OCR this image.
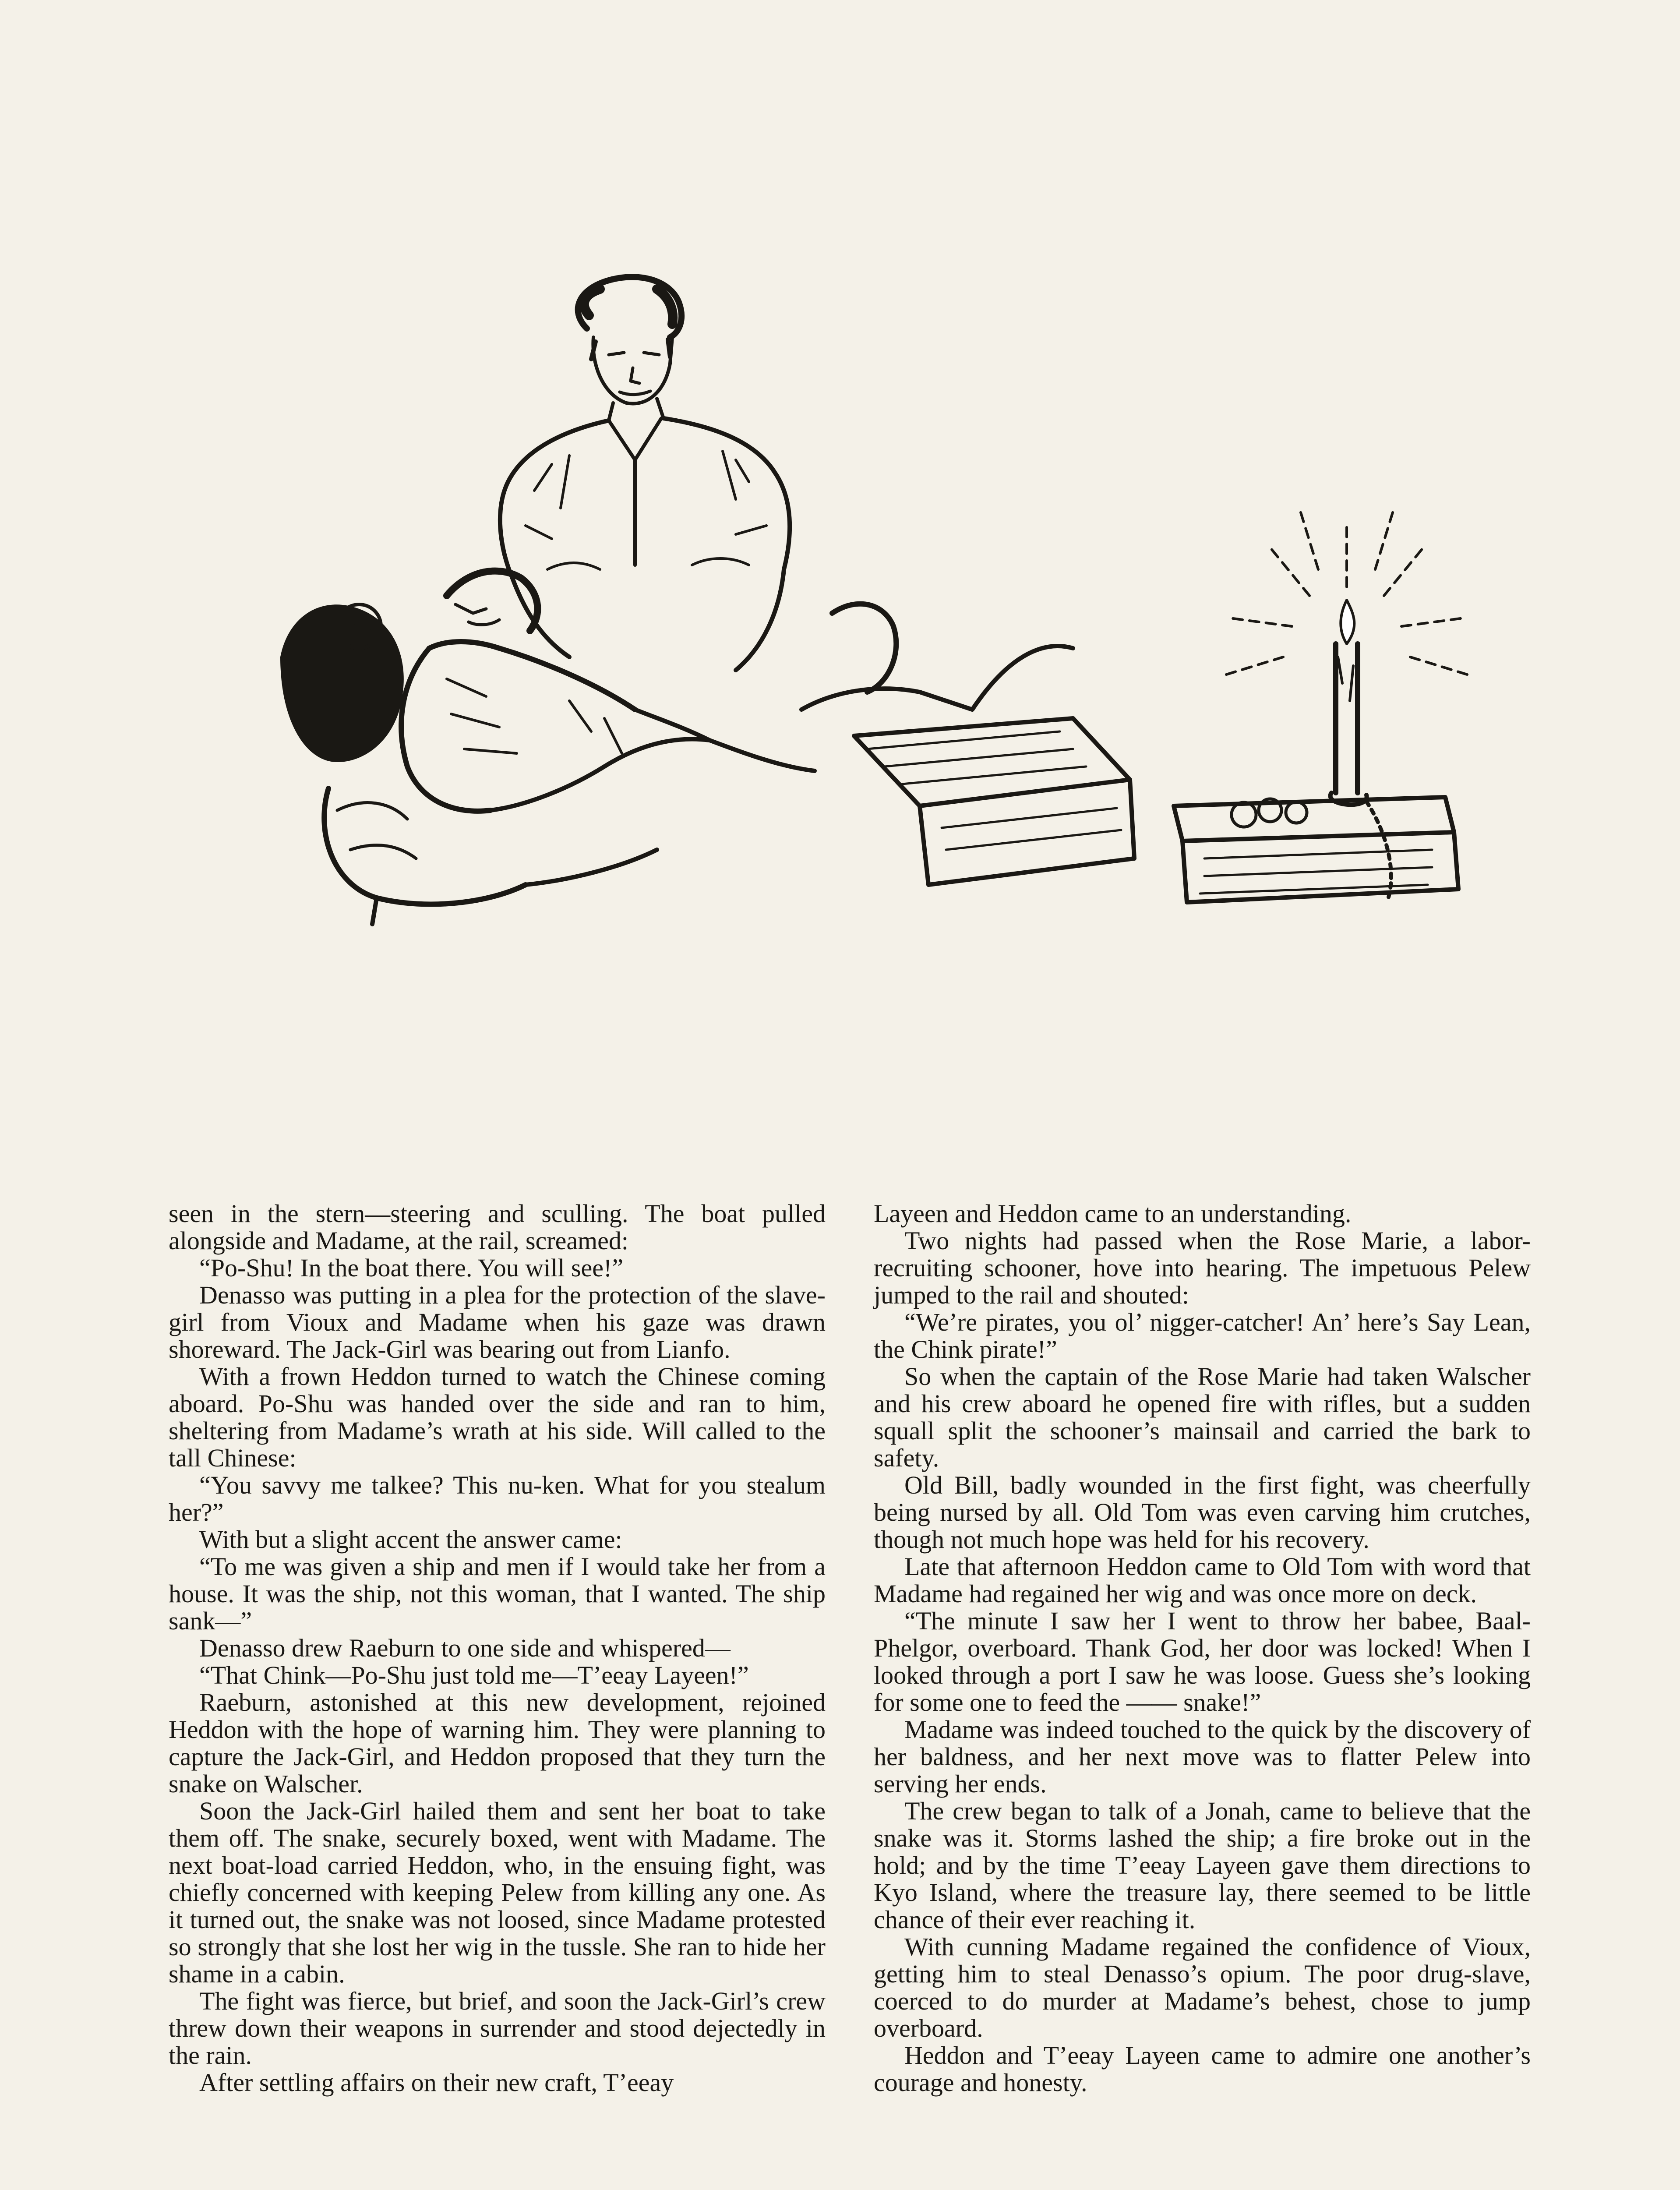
seen in the stern—steering and sculling. The boat pulled alongside and Madame, at the rail, screamed:

“Po-Shu! In the boat there. You will see!”

Denasso was putting in a plea for the protection of the slave-girl from Vioux and Madame when his gaze was drawn shoreward. The Jack-Girl was bearing out from Lianfo.

With a frown Heddon turned to watch the Chinese coming aboard. Po-Shu was handed over the side and ran to him, sheltering from Madame’s wrath at his side. Will called to the tall Chinese:

“You savvy me talkee? This nu-ken. What for you stealum her?”

With but a slight accent the answer came:

“To me was given a ship and men if I would take her from a house. It was the ship, not this woman, that I wanted. The ship sank—”

Denasso drew Raeburn to one side and whispered—

“That Chink—Po-Shu just told me—T’eeay Layeen!”

Raeburn, astonished at this new development, rejoined Heddon with the hope of warning him. They were planning to capture the Jack-Girl, and Heddon proposed that they turn the snake on Walscher.

Soon the Jack-Girl hailed them and sent her boat to take them off. The snake, securely boxed, went with Madame. The next boat-load carried Heddon, who, in the ensuing fight, was chiefly concerned with keeping Pelew from killing any one. As it turned out, the snake was not loosed, since Madame protested so strongly that she lost her wig in the tussle. She ran to hide her shame in a cabin.

The fight was fierce, but brief, and soon the Jack-Girl’s crew threw down their weapons in surrender and stood dejectedly in the rain.

After settling affairs on their new craft, T’eeay

Layeen and Heddon came to an understanding.

Two nights had passed when the Rose Marie, a labor-recruiting schooner, hove into hearing. The impetuous Pelew jumped to the rail and shouted:

“We’re pirates, you ol’ nigger-catcher! An’ here’s Say Lean, the Chink pirate!”

So when the captain of the Rose Marie had taken Walscher and his crew aboard he opened fire with rifles, but a sudden squall split the schooner’s mainsail and carried the bark to safety.

Old Bill, badly wounded in the first fight, was cheerfully being nursed by all. Old Tom was even carving him crutches, though not much hope was held for his recovery.

Late that afternoon Heddon came to Old Tom with word that Madame had regained her wig and was once more on deck.

“The minute I saw her I went to throw her babee, Baal-Phelgor, overboard. Thank God, her door was locked! When I looked through a port I saw he was loose. Guess she’s looking for some one to feed the —— snake!”

Madame was indeed touched to the quick by the discovery of her baldness, and her next move was to flatter Pelew into serving her ends.

The crew began to talk of a Jonah, came to believe that the snake was it. Storms lashed the ship; a fire broke out in the hold; and by the time T’eeay Layeen gave them directions to Kyo Island, where the treasure lay, there seemed to be little chance of their ever reaching it.

With cunning Madame regained the confidence of Vioux, getting him to steal Denasso’s opium. The poor drug-slave, coerced to do murder at Madame’s behest, chose to jump overboard.

Heddon and T’eeay Layeen came to admire one another’s courage and honesty.
